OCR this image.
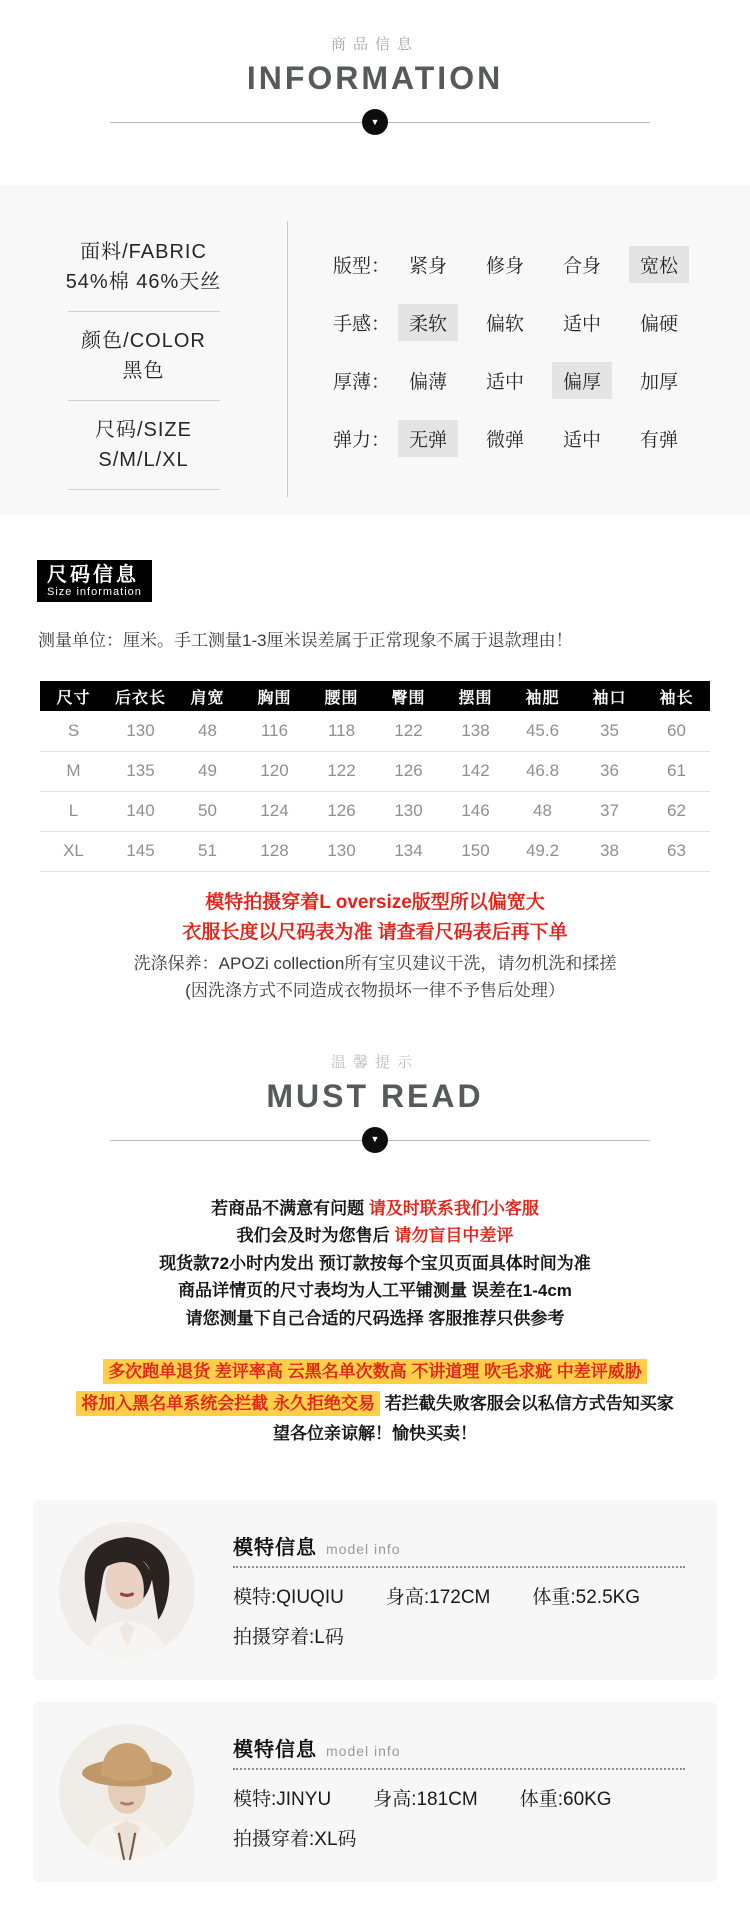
商品信息
INFORMATION
▼
面料/FABRIC
54%棉 46%天丝
颜色/COLOR
黑色
尺码/SIZE
S/M/L/XL
版型：	紧身	修身	合身	宽松
手感：	柔软	偏软	适中	偏硬
厚薄：	偏薄	适中	偏厚	加厚
弹力：	无弹	微弹	适中	有弹
尺码信息
Size information
测量单位：厘米。手工测量1-3厘米误差属于正常现象不属于退款理由！
尺寸	后衣长	肩宽	胸围	腰围	臀围	摆围	袖肥	袖口	袖长
S	130	48	116	118	122	138	45.6	35	60
M	135	49	120	122	126	142	46.8	36	61
L	140	50	124	126	130	146	48	37	62
XL	145	51	128	130	134	150	49.2	38	63
模特拍摄穿着L oversize版型所以偏宽大
衣服长度以尺码表为准 请查看尺码表后再下单
洗涤保养：APOZi collection所有宝贝建议干洗，请勿机洗和揉搓
(因洗涤方式不同造成衣物损坏一律不予售后处理）
温馨提示
MUST READ
▼
若商品不满意有问题 请及时联系我们小客服
我们会及时为您售后 请勿盲目中差评
现货款72小时内发出 预订款按每个宝贝页面具体时间为准
商品详情页的尺寸表均为人工平铺测量 误差在1-4cm
请您测量下自己合适的尺码选择 客服推荐只供参考
多次跑单退货 差评率高 云黑名单次数高 不讲道理 吹毛求疵 中差评威胁
将加入黑名单系统会拦截 永久拒绝交易 若拦截失败客服会以私信方式告知买家
望各位亲谅解！愉快买卖！
模特信息 model info
模特:QIUQIU 身高:172CM 体重:52.5KG
拍摄穿着:L码
模特信息 model info
模特:JINYU 身高:181CM 体重:60KG
拍摄穿着:XL码
